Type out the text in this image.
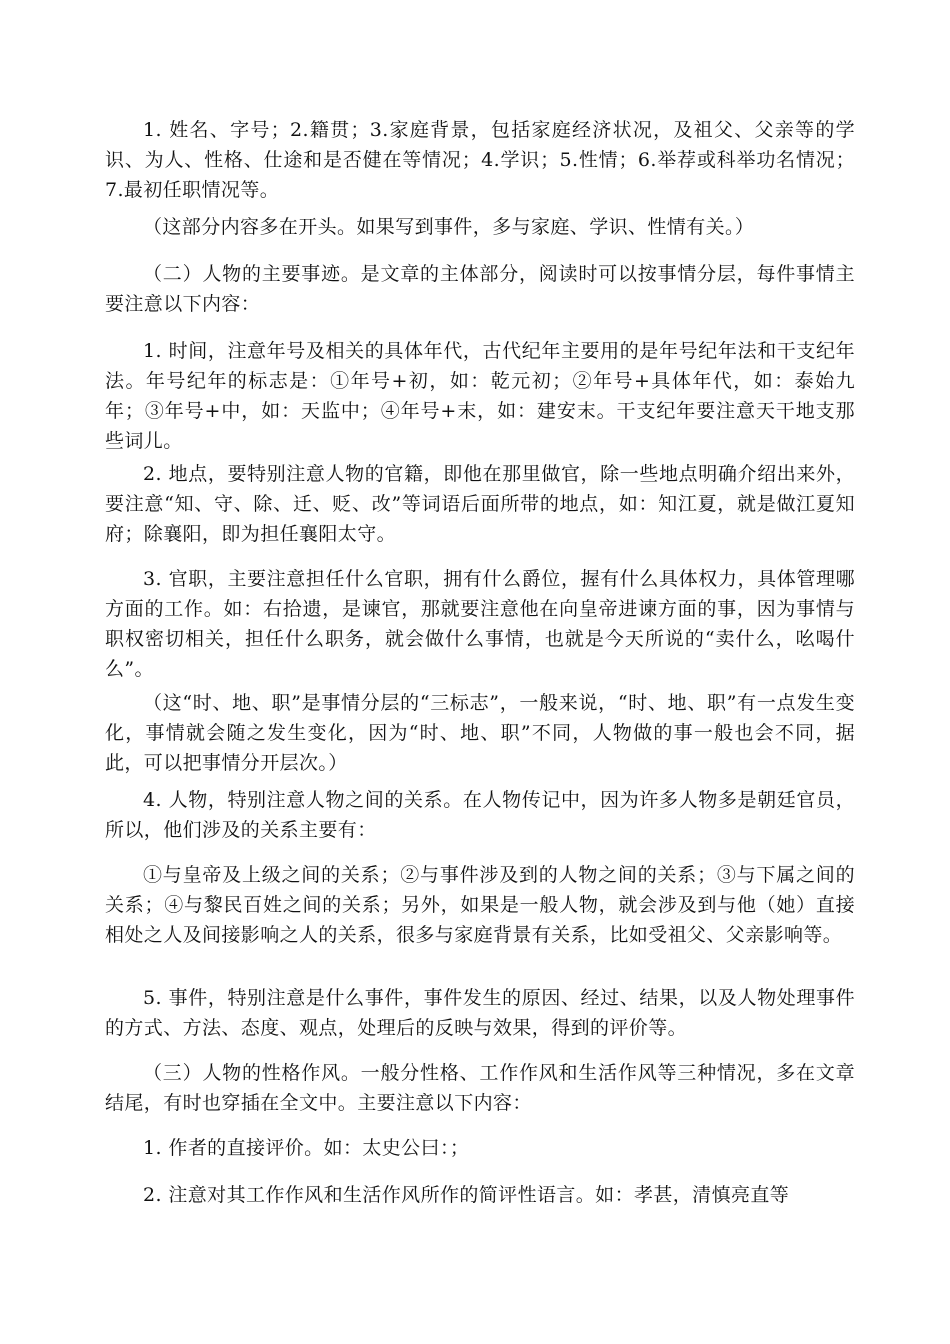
1. 姓名、字号；2.籍贯；3.家庭背景，包括家庭经济状况，及祖父、父亲等的学识、为人、性格、仕途和是否健在等情况；4.学识；5.性情；6.举荐或科举功名情况；7.最初任职情况等。

（这部分内容多在开头。如果写到事件，多与家庭、学识、性情有关。）

（二）人物的主要事迹。是文章的主体部分，阅读时可以按事情分层，每件事情主要注意以下内容：

1. 时间，注意年号及相关的具体年代，古代纪年主要用的是年号纪年法和干支纪年法。年号纪年的标志是：①年号+初，如：乾元初；②年号+具体年代，如：泰始九年；③年号+中，如：天监中；④年号+末，如：建安末。干支纪年要注意天干地支那些词儿。

2. 地点，要特别注意人物的官籍，即他在那里做官，除一些地点明确介绍出来外，要注意“知、守、除、迁、贬、改”等词语后面所带的地点，如：知江夏，就是做江夏知府；除襄阳，即为担任襄阳太守。

3. 官职，主要注意担任什么官职，拥有什么爵位，握有什么具体权力，具体管理哪方面的工作。如：右拾遗，是谏官，那就要注意他在向皇帝进谏方面的事，因为事情与职权密切相关，担任什么职务，就会做什么事情，也就是今天所说的“卖什么，吆喝什么”。

（这“时、地、职”是事情分层的“三标志”，一般来说，“时、地、职”有一点发生变化，事情就会随之发生变化，因为“时、地、职”不同，人物做的事一般也会不同，据此，可以把事情分开层次。）

4. 人物，特别注意人物之间的关系。在人物传记中，因为许多人物多是朝廷官员，所以，他们涉及的关系主要有：

①与皇帝及上级之间的关系；②与事件涉及到的人物之间的关系；③与下属之间的关系；④与黎民百姓之间的关系；另外，如果是一般人物，就会涉及到与他（她）直接相处之人及间接影响之人的关系，很多与家庭背景有关系，比如受祖父、父亲影响等。

5. 事件，特别注意是什么事件，事件发生的原因、经过、结果，以及人物处理事件的方式、方法、态度、观点，处理后的反映与效果，得到的评价等。

（三）人物的性格作风。一般分性格、工作作风和生活作风等三种情况，多在文章结尾，有时也穿插在全文中。主要注意以下内容：

1. 作者的直接评价。如：太史公曰：；

2. 注意对其工作作风和生活作风所作的简评性语言。如：孝甚，清慎亮直等
